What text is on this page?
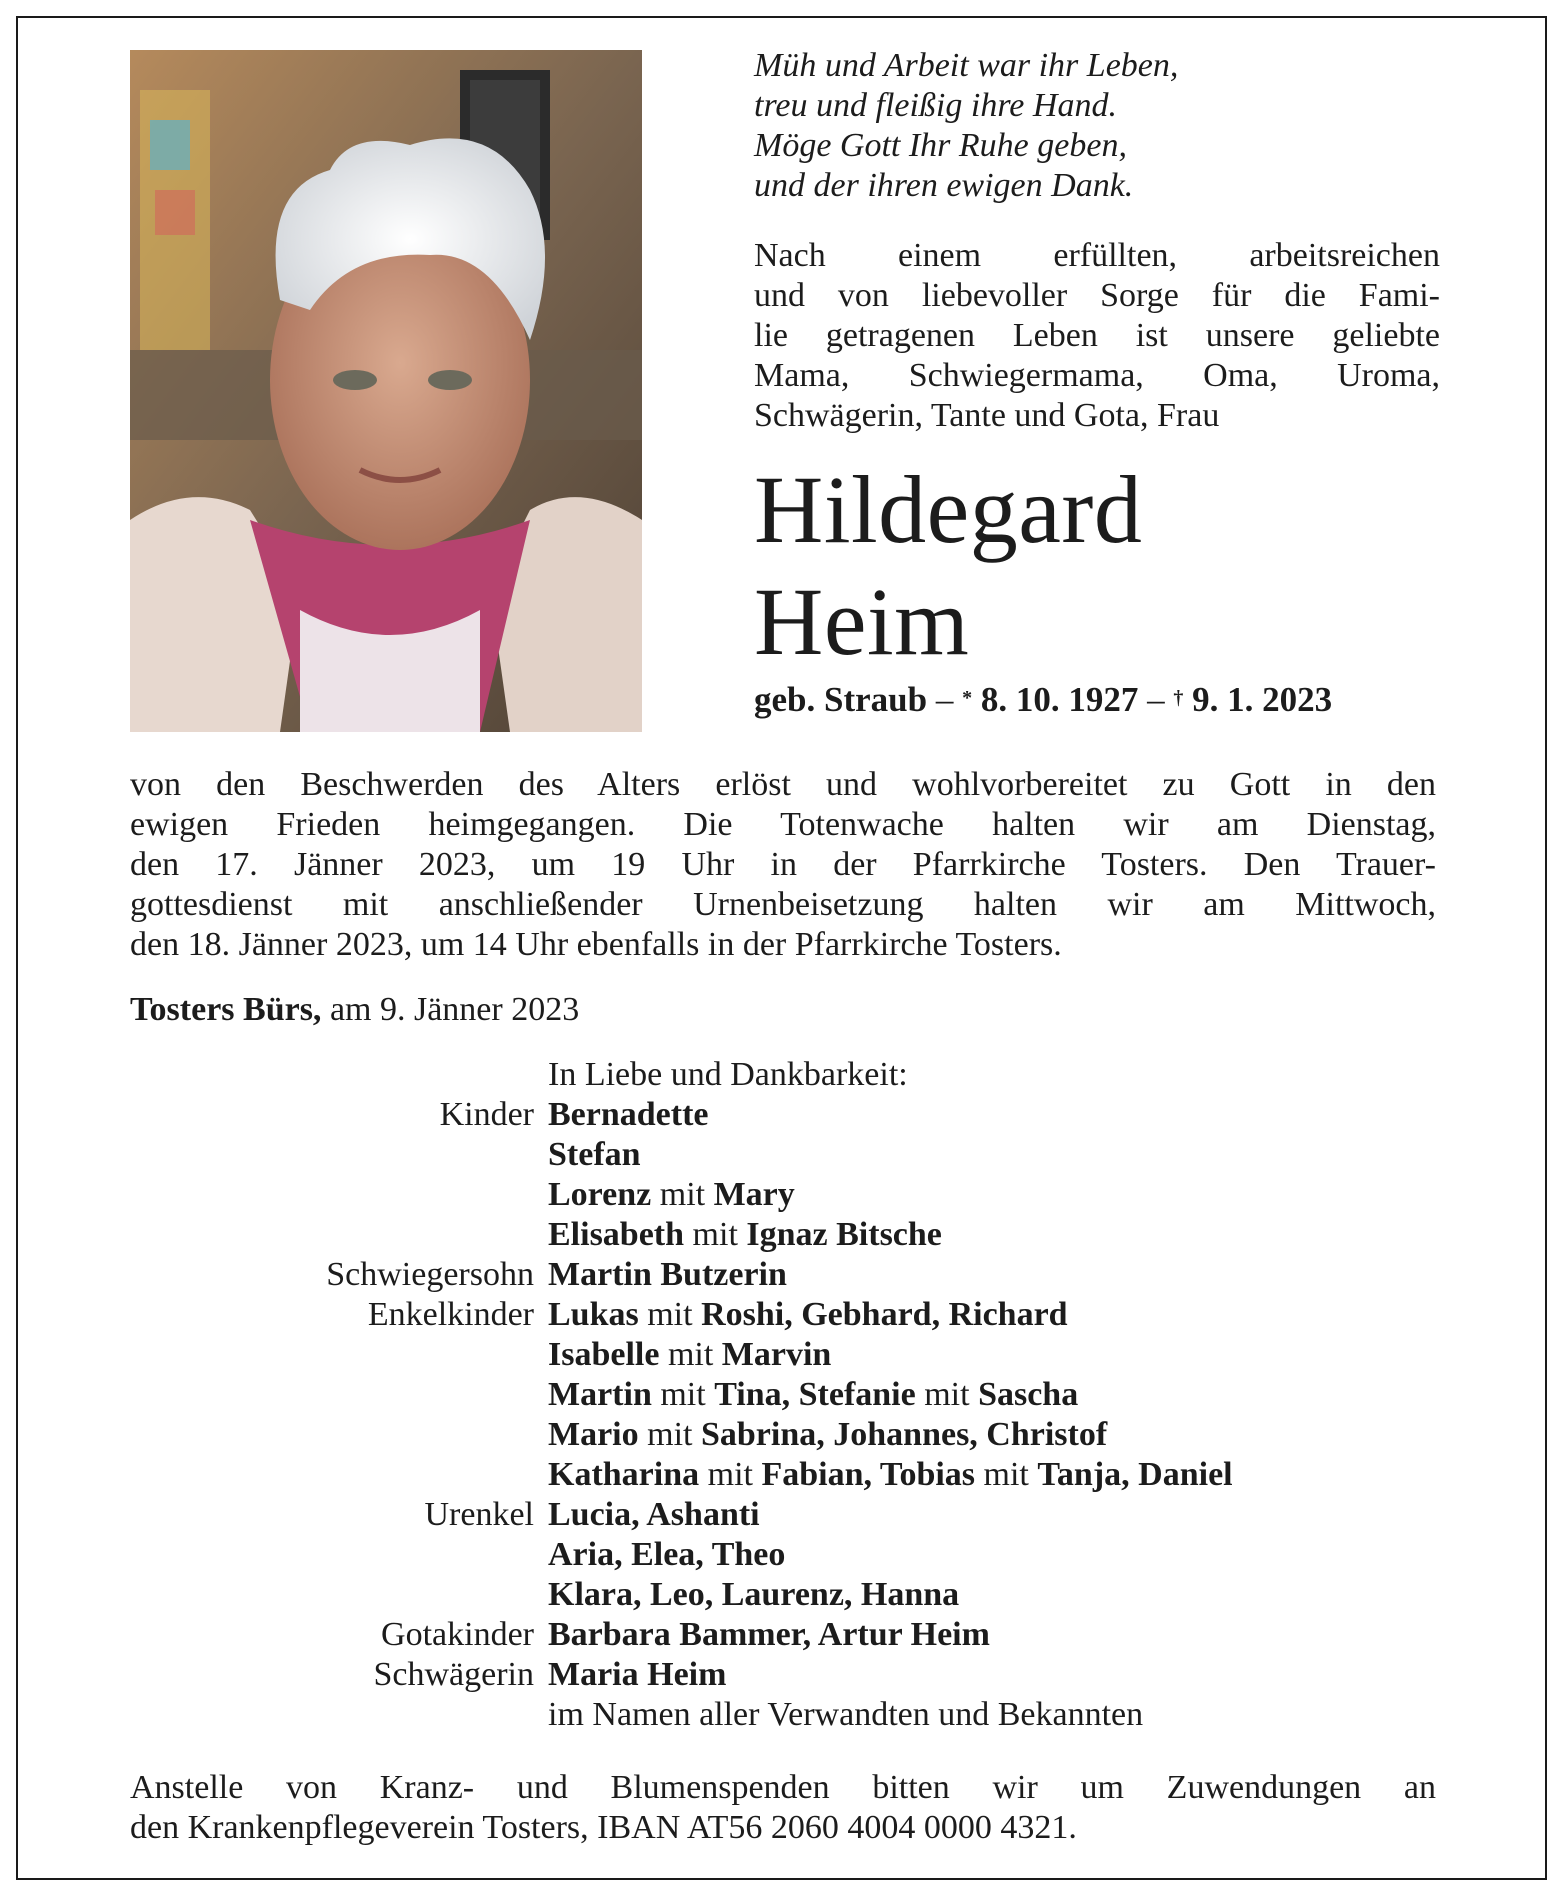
Müh und Arbeit war ihr Leben,
treu und fleißig ihre Hand.
Möge Gott Ihr Ruhe geben,
und der ihren ewigen Dank.
Nach einem erfüllten, arbeitsreichen
und von liebevoller Sorge für die Fami-
lie getragenen Leben ist unsere geliebte
Mama, Schwiegermama, Oma, Uroma,
Schwägerin, Tante und Gota, Frau
Hildegard
Heim
geb. Straub – * 8. 10. 1927 – † 9. 1. 2023
von den Beschwerden des Alters erlöst und wohlvorbereitet zu Gott in den
ewigen Frieden heimgegangen. Die Totenwache halten wir am Dienstag,
den 17. Jänner 2023, um 19 Uhr in der Pfarrkirche Tosters. Den Trauer-
gottesdienst mit anschließender Urnenbeisetzung halten wir am Mittwoch,
den 18. Jänner 2023, um 14 Uhr ebenfalls in der Pfarrkirche Tosters.
Tosters Bürs, am 9. Jänner 2023
In Liebe und Dankbarkeit:
Kinder Bernadette
Stefan
Lorenz mit Mary
Elisabeth mit Ignaz Bitsche
Schwiegersohn Martin Butzerin
Enkelkinder Lukas mit Roshi, Gebhard, Richard
Isabelle mit Marvin
Martin mit Tina, Stefanie mit Sascha
Mario mit Sabrina, Johannes, Christof
Katharina mit Fabian, Tobias mit Tanja, Daniel
Urenkel Lucia, Ashanti
Aria, Elea, Theo
Klara, Leo, Laurenz, Hanna
Gotakinder Barbara Bammer, Artur Heim
Schwägerin Maria Heim
im Namen aller Verwandten und Bekannten
Anstelle von Kranz- und Blumenspenden bitten wir um Zuwendungen an
den Krankenpflegeverein Tosters, IBAN AT56 2060 4004 0000 4321.
